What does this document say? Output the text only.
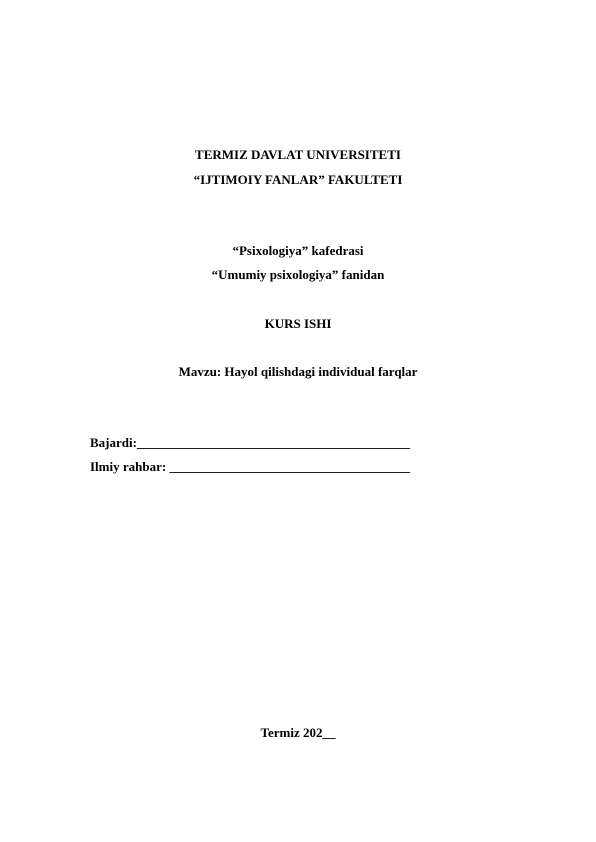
TERMIZ DAVLAT UNIVERSITETI
“IJTIMOIY FANLAR” FAKULTETI
“Psixologiya” kafedrasi
“Umumiy psixologiya” fanidan
KURS ISHI
Mavzu: Hayol qilishdagi individual farqlar
Bajardi:__________________________________________
Ilmiy rahbar: _____________________________________
Termiz 202__
